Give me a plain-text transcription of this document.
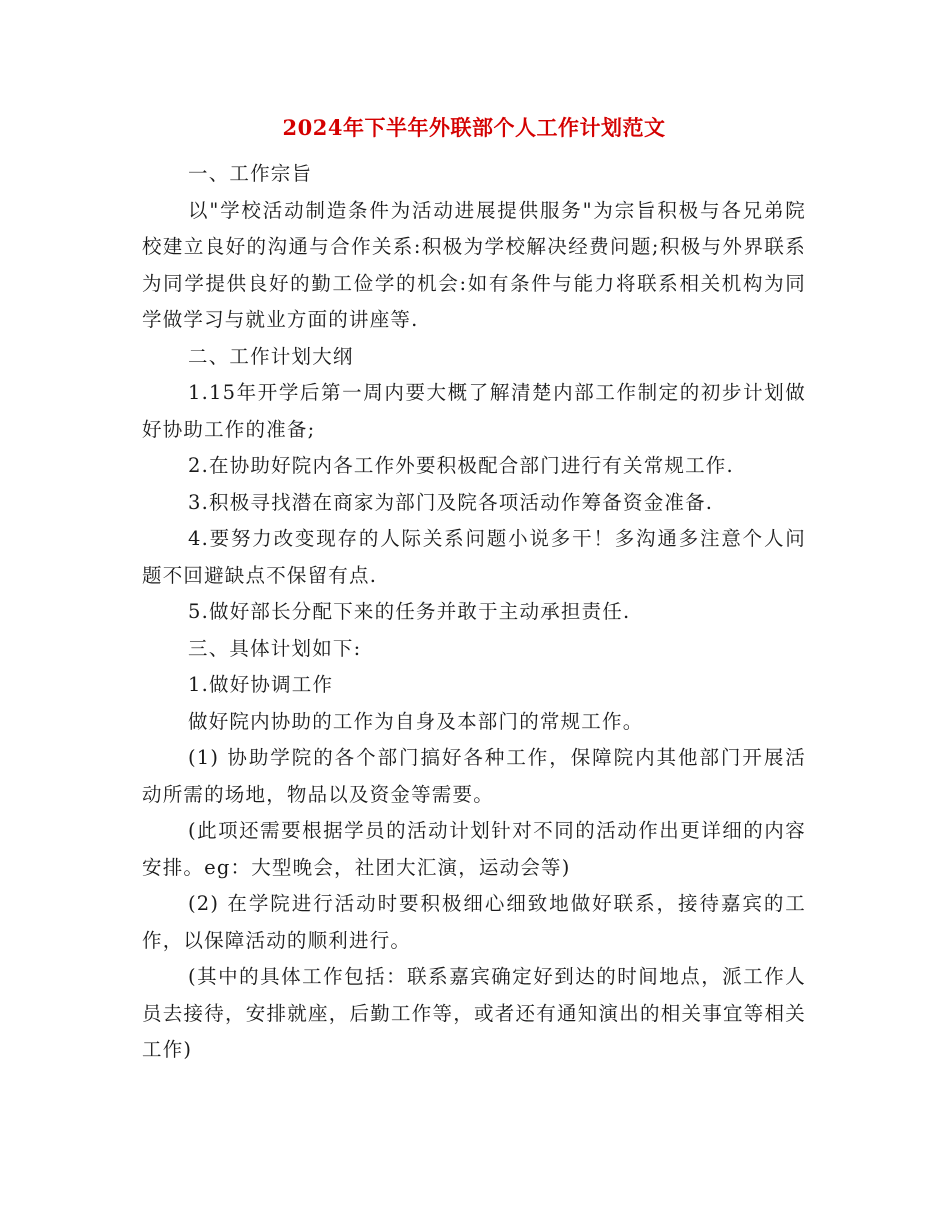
2024年下半年外联部个人工作计划范文

一、工作宗旨

以"学校活动制造条件为活动进展提供服务"为宗旨积极与各兄弟院校建立良好的沟通与合作关系:积极为学校解决经费问题;积极与外界联系为同学提供良好的勤工俭学的机会:如有条件与能力将联系相关机构为同学做学习与就业方面的讲座等.

二、工作计划大纲

1.15年开学后第一周内要大概了解清楚内部工作制定的初步计划做好协助工作的准备;

2.在协助好院内各工作外要积极配合部门进行有关常规工作.

3.积极寻找潜在商家为部门及院各项活动作筹备资金准备.

4.要努力改变现存的人际关系问题小说多干！多沟通多注意个人问题不回避缺点不保留有点.

5.做好部长分配下来的任务并敢于主动承担责任.

三、具体计划如下:

1.做好协调工作

做好院内协助的工作为自身及本部门的常规工作。

(1) 协助学院的各个部门搞好各种工作，保障院内其他部门开展活动所需的场地，物品以及资金等需要。

(此项还需要根据学员的活动计划针对不同的活动作出更详细的内容安排。eg：大型晚会，社团大汇演，运动会等)

(2) 在学院进行活动时要积极细心细致地做好联系，接待嘉宾的工作，以保障活动的顺利进行。

(其中的具体工作包括：联系嘉宾确定好到达的时间地点，派工作人员去接待，安排就座，后勤工作等，或者还有通知演出的相关事宜等相关工作)
